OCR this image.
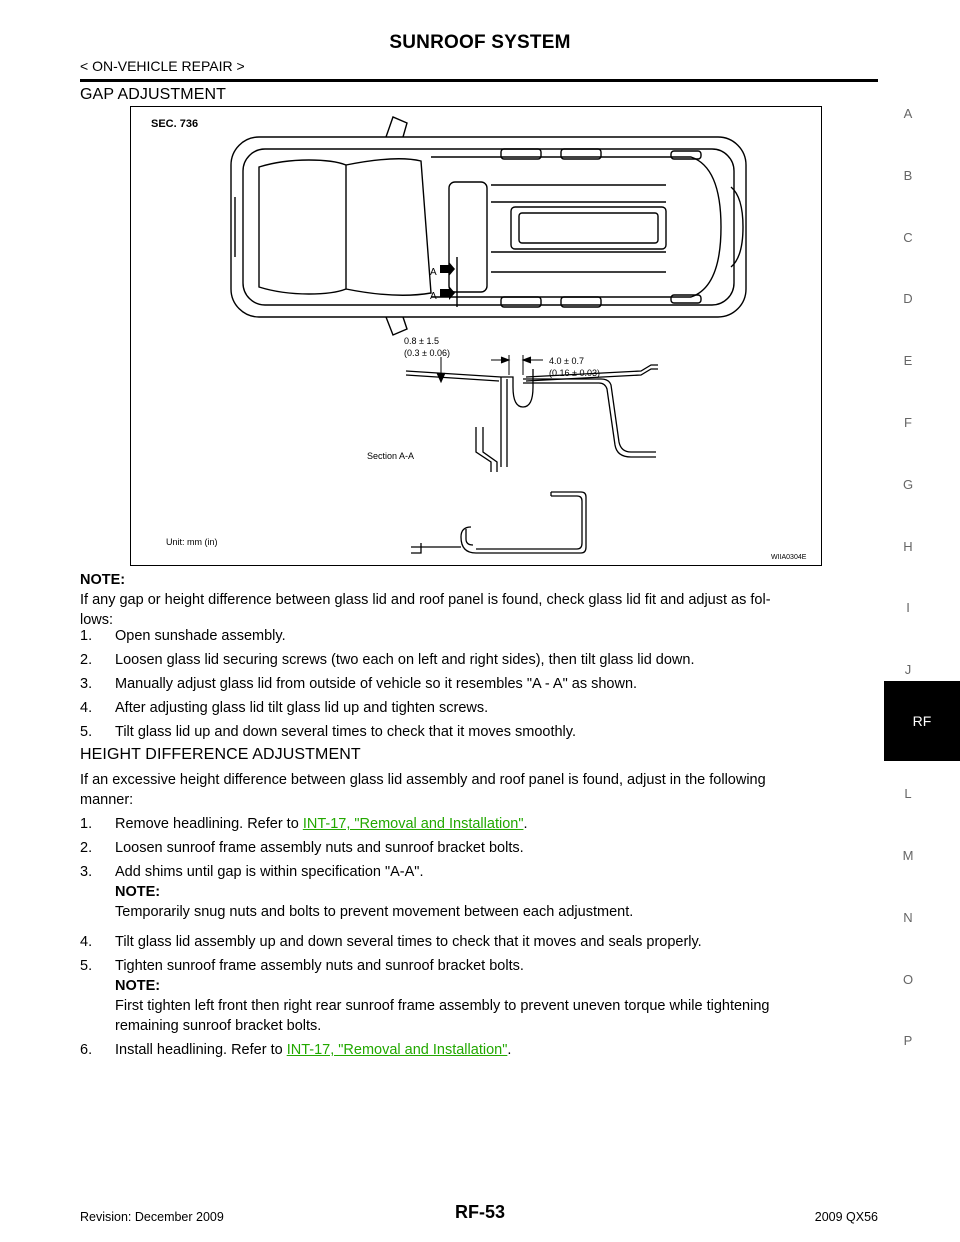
SUNROOF SYSTEM
< ON-VEHICLE REPAIR >
GAP ADJUSTMENT
A
A
SEC. 736
0.8 ± 1.5
(0.3 ± 0.06)
4.0 ± 0.7
(0.16 ± 0.03)
Section A-A
Unit: mm (in)
WIIA0304E
NOTE:
If any gap or height difference between glass lid and roof panel is found, check glass lid fit and adjust as fol-
lows:
1. Open sunshade assembly.
2. Loosen glass lid securing screws (two each on left and right sides), then tilt glass lid down.
3. Manually adjust glass lid from outside of vehicle so it resembles "A - A" as shown.
4. After adjusting glass lid tilt glass lid up and tighten screws.
5. Tilt glass lid up and down several times to check that it moves smoothly.
HEIGHT DIFFERENCE ADJUSTMENT
If an excessive height difference between glass lid assembly and roof panel is found, adjust in the following
manner:
1. Remove headlining. Refer to INT-17, "Removal and Installation".
2. Loosen sunroof frame assembly nuts and sunroof bracket bolts.
3. Add shims until gap is within specification "A-A".
NOTE:
Temporarily snug nuts and bolts to prevent movement between each adjustment.
4. Tilt glass lid assembly up and down several times to check that it moves and seals properly.
5. Tighten sunroof frame assembly nuts and sunroof bracket bolts.
NOTE:
First tighten left front then right rear sunroof frame assembly to prevent uneven torque while tightening
remaining sunroof bracket bolts.
6. Install headlining. Refer to INT-17, "Removal and Installation".
A
B
C
D
E
F
G
H
I
J
RF
L
M
N
O
P
Revision: December 2009	RF-53	2009 QX56
